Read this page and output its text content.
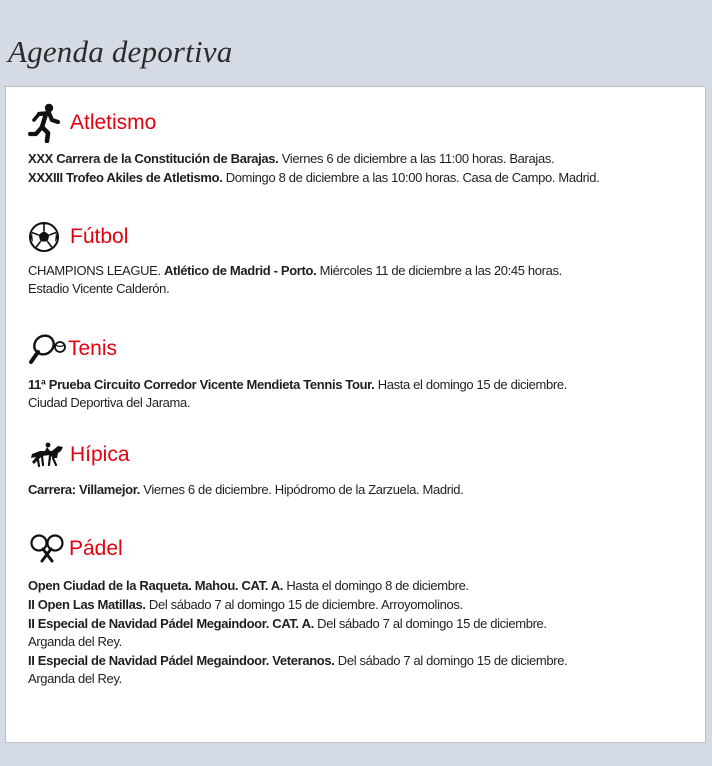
Agenda deportiva
Atletismo
XXX Carrera de la Constitución de Barajas. Viernes 6 de diciembre a las 11:00 horas. Barajas.
XXXIII Trofeo Akiles de Atletismo. Domingo 8 de diciembre a las 10:00 horas. Casa de Campo. Madrid.
Fútbol
CHAMPIONS LEAGUE. Atlético de Madrid - Porto. Miércoles 11 de diciembre a las 20:45 horas.
Estadio Vicente Calderón.
Tenis
11ª Prueba Circuito Corredor Vicente Mendieta Tennis Tour. Hasta el domingo 15 de diciembre.
Ciudad Deportiva del Jarama.
Hípica
Carrera: Villamejor. Viernes 6 de diciembre. Hipódromo de la Zarzuela. Madrid.
Pádel
Open Ciudad de la Raqueta. Mahou. CAT. A. Hasta el domingo 8 de diciembre.
II Open Las Matillas. Del sábado 7 al domingo 15 de diciembre. Arroyomolinos.
II Especial de Navidad Pádel Megaindoor. CAT. A. Del sábado 7 al domingo 15 de diciembre.
Arganda del Rey.
II Especial de Navidad Pádel Megaindoor. Veteranos. Del sábado 7 al domingo 15 de diciembre.
Arganda del Rey.
